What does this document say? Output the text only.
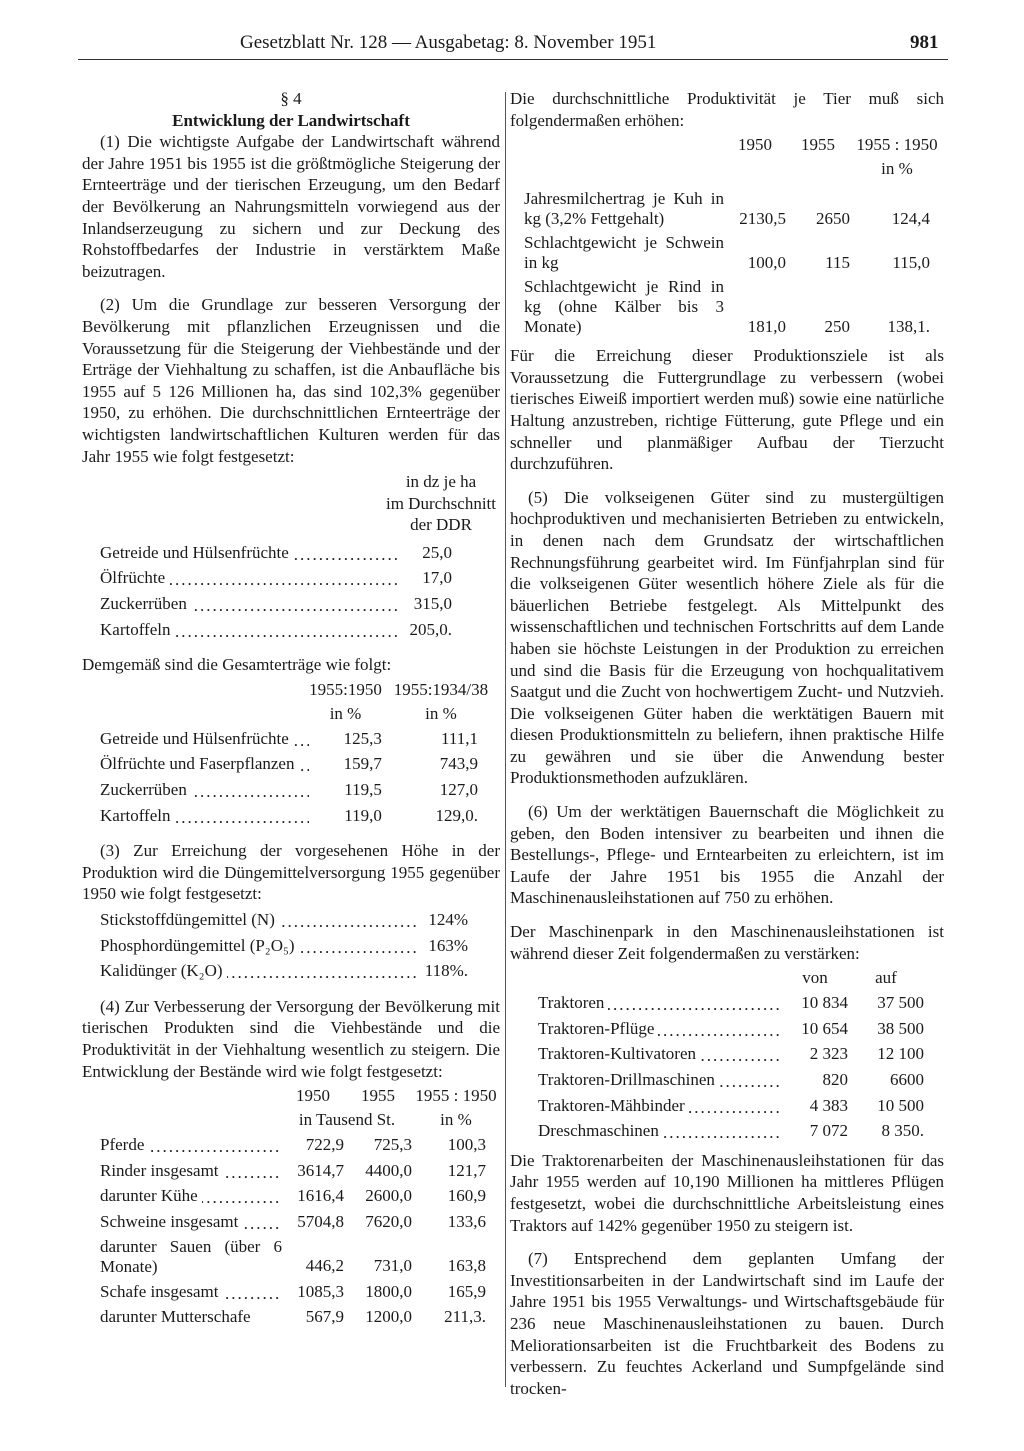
Gesetzblatt Nr. 128 — Ausgabetag: 8. November 1951	981

§ 4

Entwicklung der Landwirtschaft

(1) Die wichtigste Aufgabe der Landwirtschaft während der Jahre 1951 bis 1955 ist die größtmögliche Steigerung der Ernteerträge und der tierischen Erzeugung, um den Bedarf der Bevölkerung an Nahrungsmitteln vorwiegend aus der Inlandserzeugung zu sichern und zur Deckung des Rohstoffbedarfes der Industrie in verstärktem Maße beizutragen.

(2) Um die Grundlage zur besseren Versorgung der Bevölkerung mit pflanzlichen Erzeugnissen und die Voraussetzung für die Steigerung der Viehbestände und der Erträge der Viehhaltung zu schaffen, ist die Anbaufläche bis 1955 auf 5 126 Millionen ha, das sind 102,3% gegenüber 1950, zu erhöhen. Die durchschnittlichen Ernteerträge der wichtigsten landwirtschaftlichen Kulturen werden für das Jahr 1955 wie folgt festgesetzt:

in dz je ha
im Durchschnitt
der DDR
Getreide und Hülsenfrüchte .....	25,0
Ölfrüchte .....	17,0
Zuckerrüben .....	315,0
Kartoffeln .....	205,0.

Demgemäß sind die Gesamterträge wie folgt:

	1955:1950	1955:1934/38
	in %	in %
Getreide und Hülsenfrüchte .....	125,3	111,1
Ölfrüchte und Faserpflanzen .....	159,7	743,9
Zuckerrüben .....	119,5	127,0
Kartoffeln .....	119,0	129,0.

(3) Zur Erreichung der vorgesehenen Höhe in der Produktion wird die Düngemittelversorgung 1955 gegenüber 1950 wie folgt festgesetzt:

Stickstoffdüngemittel (N) .....	124%
Phosphordüngemittel (P₂O₅) .....	163%
Kalidünger (K₂O) .....	118%.

(4) Zur Verbesserung der Versorgung der Bevölkerung mit tierischen Produkten sind die Viehbestände und die Produktivität in der Viehhaltung wesentlich zu steigern. Die Entwicklung der Bestände wird wie folgt festgesetzt:

	1950	1955	1955 : 1950
	in Tausend St.		in %
Pferde .....	722,9	725,3	100,3
Rinder insgesamt .....	3614,7	4400,0	121,7
darunter Kühe .....	1616,4	2600,0	160,9
Schweine insgesamt .....	5704,8	7620,0	133,6
darunter Sauen (über 6 Monate)	446,2	731,0	163,8
Schafe insgesamt .....	1085,3	1800,0	165,9
darunter Mutterschafe	567,9	1200,0	211,3.

Die durchschnittliche Produktivität je Tier muß sich folgendermaßen erhöhen:

	1950	1955	1955 : 1950
			in %
Jahresmilchertrag je Kuh in kg (3,2% Fettgehalt)	2130,5	2650	124,4
Schlachtgewicht je Schwein in kg	100,0	115	115,0
Schlachtgewicht je Rind in kg (ohne Kälber bis 3 Monate)	181,0	250	138,1.

Für die Erreichung dieser Produktionsziele ist als Voraussetzung die Futtergrundlage zu verbessern (wobei tierisches Eiweiß importiert werden muß) sowie eine natürliche Haltung anzustreben, richtige Fütterung, gute Pflege und ein schneller und planmäßiger Aufbau der Tierzucht durchzuführen.

(5) Die volkseigenen Güter sind zu mustergültigen hochproduktiven und mechanisierten Betrieben zu entwickeln, in denen nach dem Grundsatz der wirtschaftlichen Rechnungsführung gearbeitet wird. Im Fünfjahrplan sind für die volkseigenen Güter wesentlich höhere Ziele als für die bäuerlichen Betriebe festgelegt. Als Mittelpunkt des wissenschaftlichen und technischen Fortschritts auf dem Lande haben sie höchste Leistungen in der Produktion zu erreichen und sind die Basis für die Erzeugung von hochqualitativem Saatgut und die Zucht von hochwertigem Zucht- und Nutzvieh. Die volkseigenen Güter haben die werktätigen Bauern mit diesen Produktionsmitteln zu beliefern, ihnen praktische Hilfe zu gewähren und sie über die Anwendung bester Produktionsmethoden aufzuklären.

(6) Um der werktätigen Bauernschaft die Möglichkeit zu geben, den Boden intensiver zu bearbeiten und ihnen die Bestellungs-, Pflege- und Erntearbeiten zu erleichtern, ist im Laufe der Jahre 1951 bis 1955 die Anzahl der Maschinenausleihstationen auf 750 zu erhöhen.

Der Maschinenpark in den Maschinenausleihstationen ist während dieser Zeit folgendermaßen zu verstärken:

	von	auf
Traktoren .....	10 834	37 500
Traktoren-Pflüge .....	10 654	38 500
Traktoren-Kultivatoren .....	2 323	12 100
Traktoren-Drillmaschinen .....	820	6600
Traktoren-Mähbinder .....	4 383	10 500
Dreschmaschinen .....	7 072	8 350.

Die Traktorenarbeiten der Maschinenausleihstationen für das Jahr 1955 werden auf 10,190 Millionen ha mittleres Pflügen festgesetzt, wobei die durchschnittliche Arbeitsleistung eines Traktors auf 142% gegenüber 1950 zu steigern ist.

(7) Entsprechend dem geplanten Umfang der Investitionsarbeiten in der Landwirtschaft sind im Laufe der Jahre 1951 bis 1955 Verwaltungs- und Wirtschaftsgebäude für 236 neue Maschinenausleihstationen zu bauen. Durch Meliorationsarbeiten ist die Fruchtbarkeit des Bodens zu verbessern. Zu feuchtes Ackerland und Sumpfgelände sind trocken-
